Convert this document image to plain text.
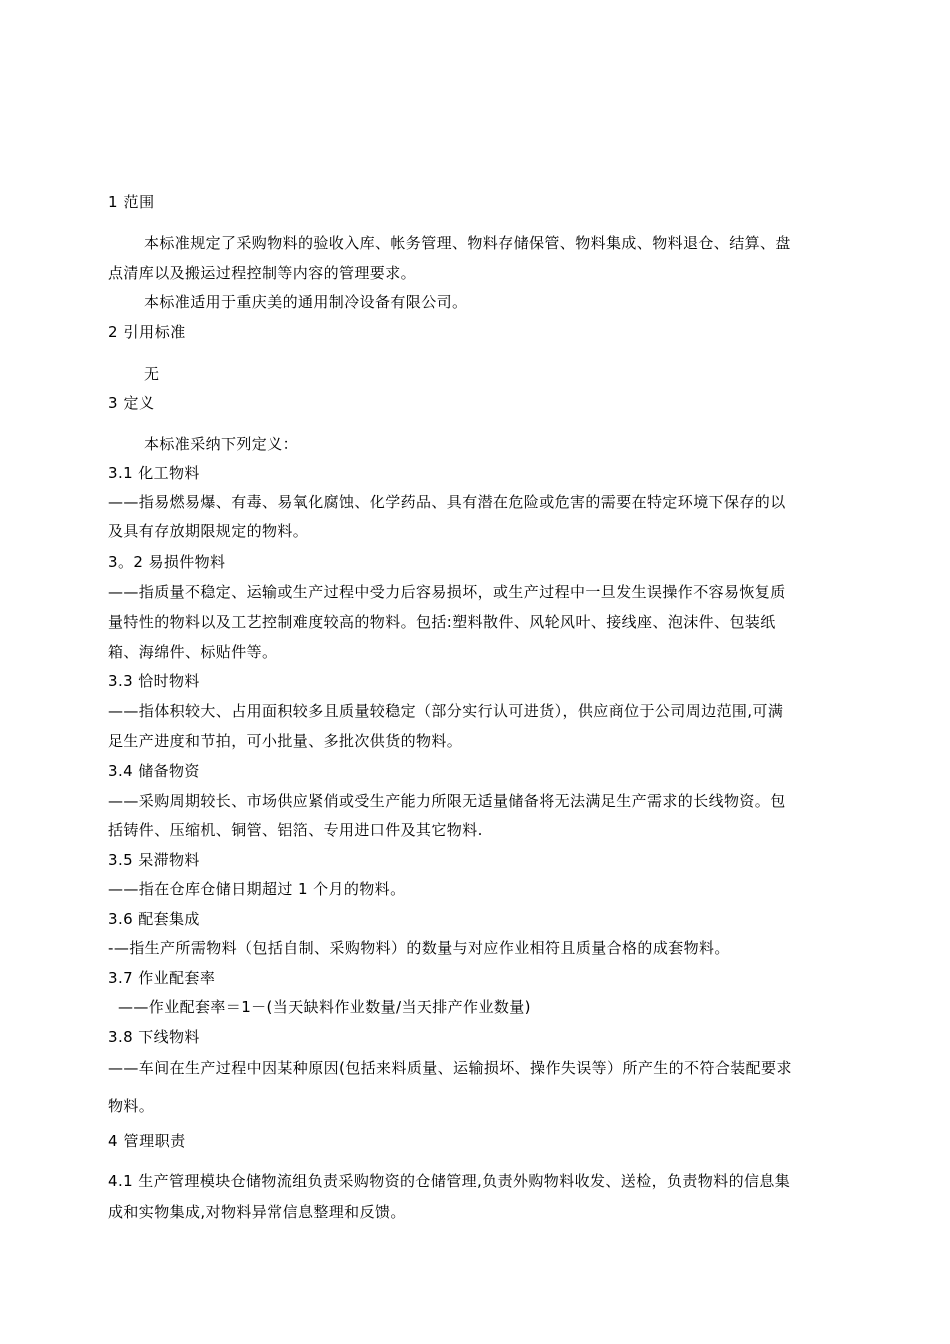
1 范围
本标准规定了采购物料的验收入库、帐务管理、物料存储保管、物料集成、物料退仓、结算、盘
点清库以及搬运过程控制等内容的管理要求。
本标准适用于重庆美的通用制冷设备有限公司。
2 引用标准
无
3 定义
本标准采纳下列定义：
3.1 化工物料
——指易燃易爆、有毒、易氧化腐蚀、化学药品、具有潜在危险或危害的需要在特定环境下保存的以
及具有存放期限规定的物料。
3。2 易损件物料
——指质量不稳定、运输或生产过程中受力后容易损坏，或生产过程中一旦发生误操作不容易恢复质
量特性的物料以及工艺控制难度较高的物料。包括:塑料散件、风轮风叶、接线座、泡沫件、包装纸
箱、海绵件、标贴件等。
3.3 恰时物料
——指体积较大、占用面积较多且质量较稳定（部分实行认可进货），供应商位于公司周边范围,可满
足生产进度和节拍，可小批量、多批次供货的物料。
3.4 储备物资
——采购周期较长、市场供应紧俏或受生产能力所限无适量储备将无法满足生产需求的长线物资。包
括铸件、压缩机、铜管、铝箔、专用进口件及其它物料.
3.5 呆滞物料
——指在仓库仓储日期超过 1 个月的物料。
3.6 配套集成
-—指生产所需物料（包括自制、采购物料）的数量与对应作业相符且质量合格的成套物料。
3.7 作业配套率
——作业配套率＝1－(当天缺料作业数量/当天排产作业数量)
3.8 下线物料
——车间在生产过程中因某种原因(包括来料质量、运输损坏、操作失误等）所产生的不符合装配要求
物料。
4 管理职责
4.1 生产管理模块仓储物流组负责采购物资的仓储管理,负责外购物料收发、送检，负责物料的信息集
成和实物集成,对物料异常信息整理和反馈。
